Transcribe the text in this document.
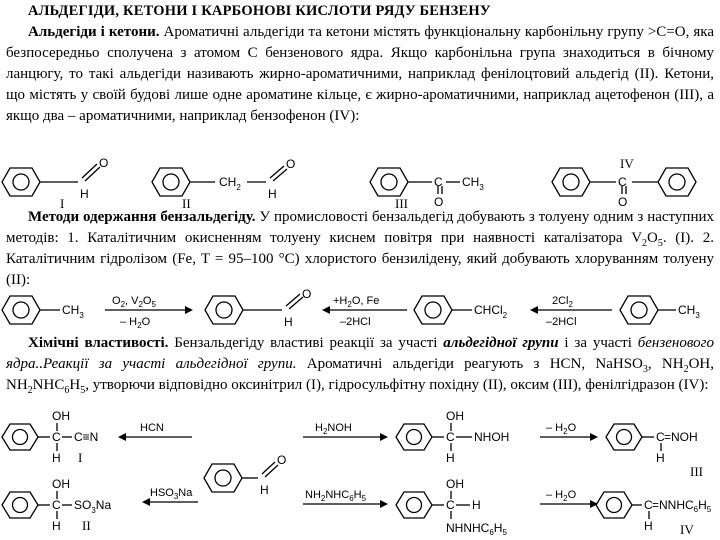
АЛЬДЕГІДИ, КЕТОНИ І КАРБОНОВІ КИСЛОТИ РЯДУ БЕНЗЕНУ
Альдегіди і кетони. Ароматичні альдегіди та кетони містять функціональну карбонільну групу >С=О, яка безпосередньо сполучена з атомом С бензенового ядра. Якщо карбонільна група знаходиться в бічному ланцюгу, то такі альдегіди називають жирно-ароматичними, наприклад фенілоцтовий альдегід (II). Кетони, що містять у своїй будові лише одне ароматине кільце, є жирно-ароматичними, наприклад ацетофенон (III), а якщо два – ароматичними, наприклад бензофенон (IV):
H
O
I
$CH_2$ H
O
II
C
O
$CH_3$
III
C
O
IV
Методи одержання бензальдегіду. У промисловості бензальдегід добувають з толуену одним з наступних методів: 1. Каталітичним окисненням толуену киснем повітря при наявності каталізатора $V_2O_5$. (I). 2. Каталітичним гідролізом (Fe, T = 95–100 °C) хлористого бензилідену, який добувають хлоруванням толуену (II):
$CH_3$
$O_2$, $V_2O_5$
– $H_2O$	H
$O +H_2O$, Fe
–2HCl
CHCl$_2$
$2Cl_2$
–2HCl
$CH_3$
Хімічні властивості. Бензальдегіду властиві реакції за участі альдегідної групи і за участі бензенового ядра..Реакції за участі альдегідної групи. Ароматичні альдегіди реагують з HCN, NaHSO$_3$, $NH_2OH$, $NH_2NHC_6H_5$, утворючи відповідно оксинітрил (I), гідросульфітну похідну (II), оксим (III), фенілгідразон (IV):
OH
C C≡N
H I
HCN
H
O
$H_2NOH$
OH
C NHOH
H
– $H_2O$
C =NOH
H
III
OH
C $SO_3Na$
H II
$HSO_3Na$	$NH_2NHC_6H_5$
OH
C H
$NHNHC_6H_5$
– $H_2O$
$C =NNHC_6H_5$
H IV
